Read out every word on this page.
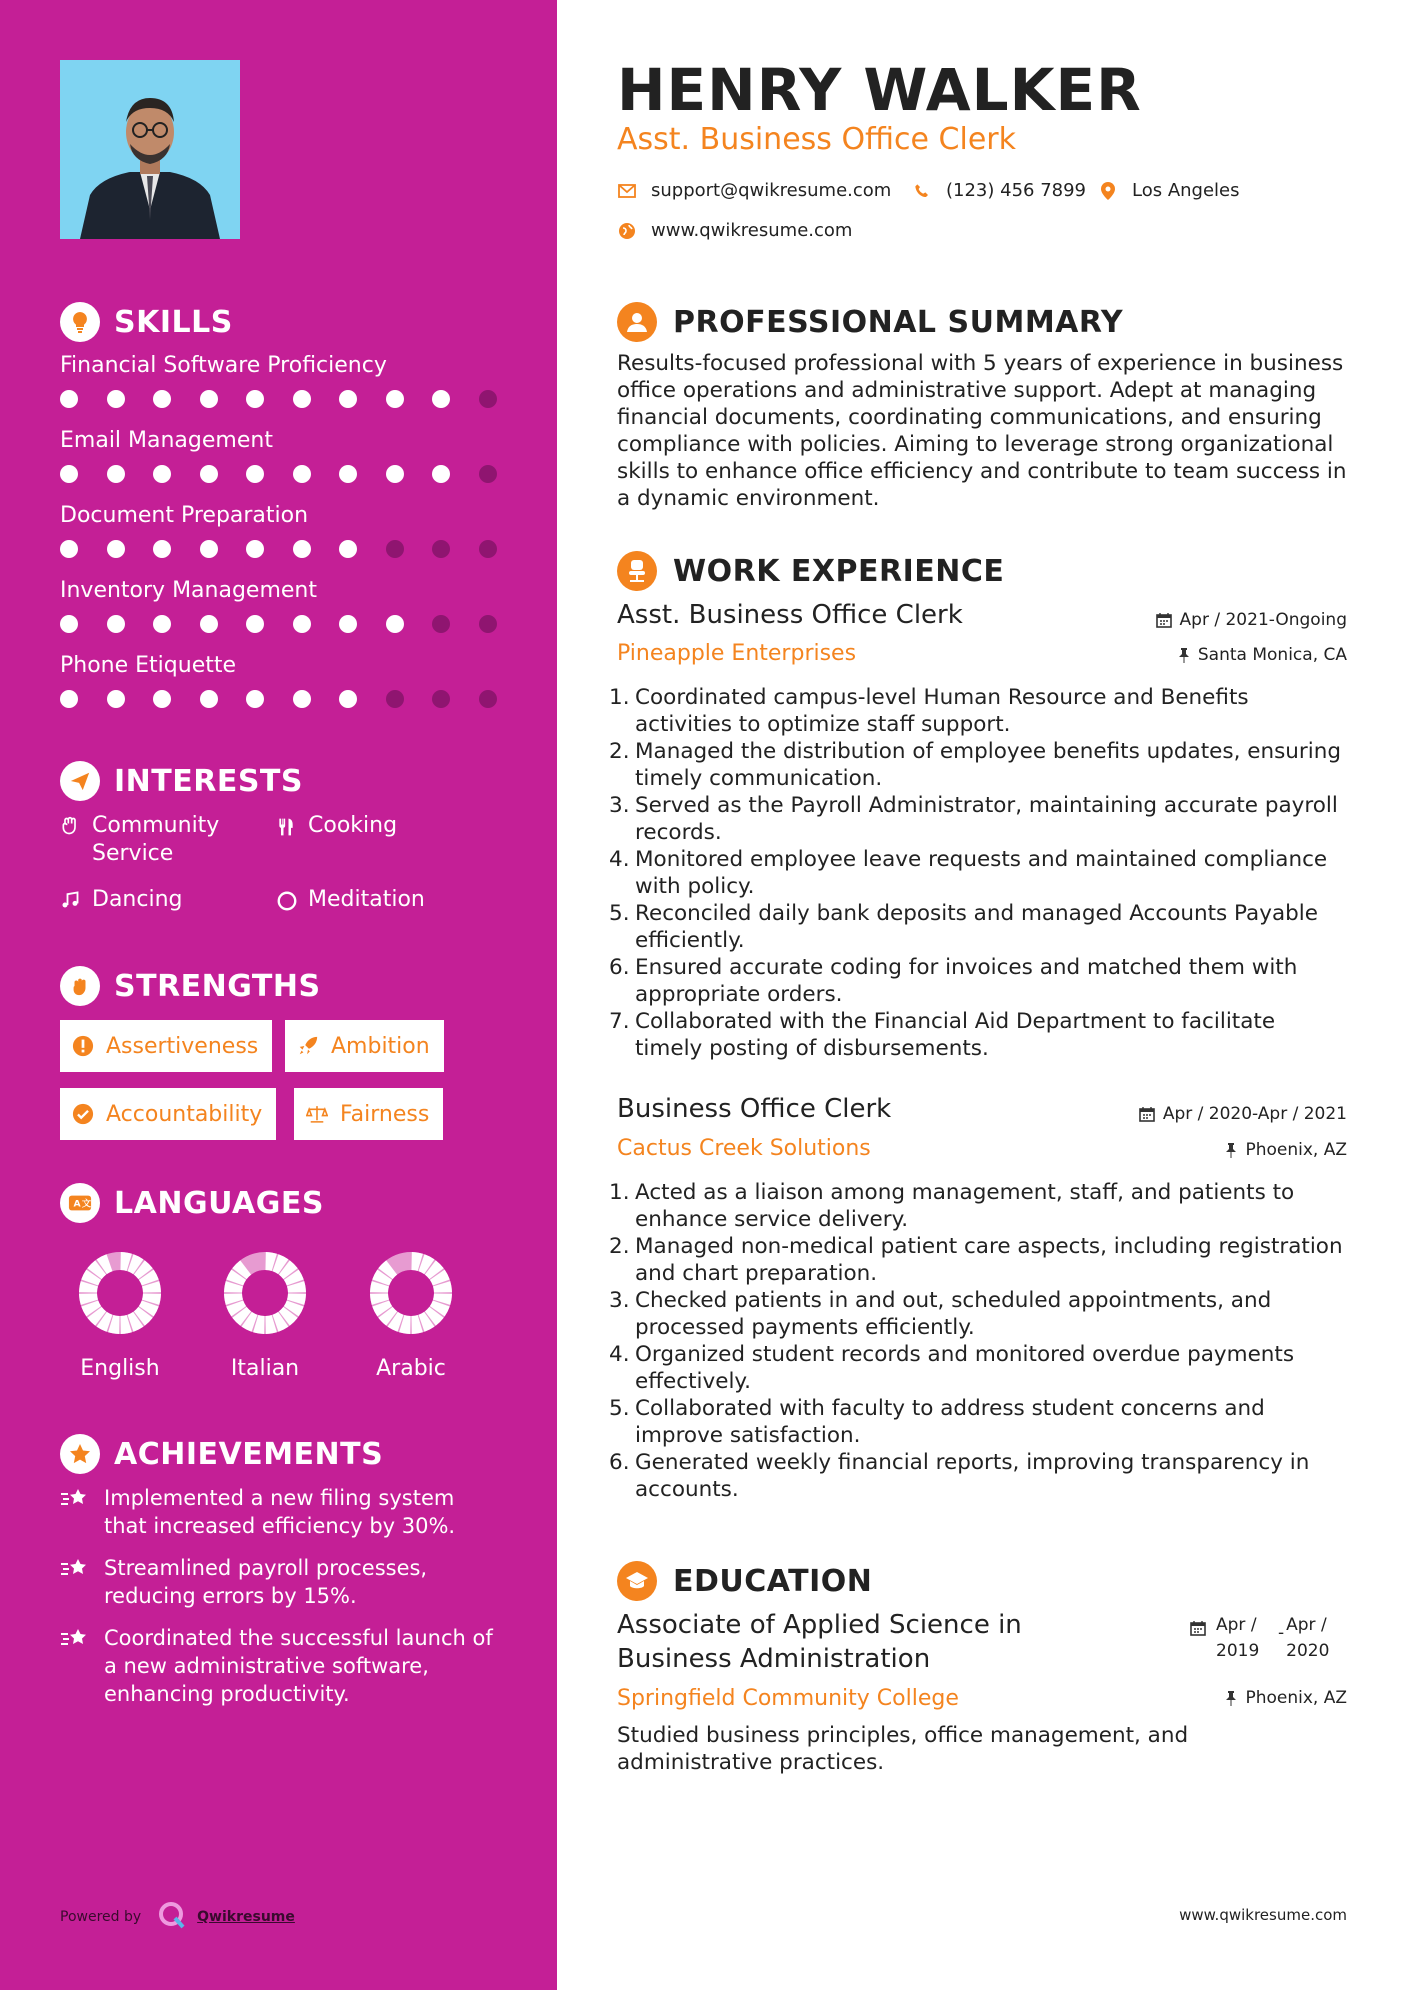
SKILLS
Financial Software Proficiency
Email Management
Document Preparation
Inventory Management
Phone Etiquette
INTERESTS
Community Service
Cooking
Dancing	Meditation
STRENGTHS
Assertiveness	Ambition
Accountability	Fairness
A 文 LANGUAGES
English	Italian	Arabic
ACHIEVEMENTS
Implemented a new filing system that increased efficiency by 30%.
Streamlined payroll processes, reducing errors by 15%.
Coordinated the successful launch of a new administrative software, enhancing productivity.
Powered by	Qwikresume
HENRY WALKER
Asst. Business Office Clerk
support@qwikresume.com	(123) 456 7899	Los Angeles
www.qwikresume.com
PROFESSIONAL SUMMARY
Results-focused professional with 5 years of experience in business office operations and administrative support. Adept at managing financial documents, coordinating communications, and ensuring compliance with policies. Aiming to leverage strong organizational skills to enhance office efficiency and contribute to team success in a dynamic environment.
WORK EXPERIENCE
Asst. Business Office Clerk	Apr / 2021-Ongoing
Pineapple Enterprises	Santa Monica, CA
Coordinated campus-level Human Resource and Benefits activities to optimize staff support.
Managed the distribution of employee benefits updates, ensuring timely communication.
Served as the Payroll Administrator, maintaining accurate payroll records.
Monitored employee leave requests and maintained compliance with policy.
Reconciled daily bank deposits and managed Accounts Payable efficiently.
Ensured accurate coding for invoices and matched them with appropriate orders.
Collaborated with the Financial Aid Department to facilitate timely posting of disbursements.
Business Office Clerk	Apr / 2020-Apr / 2021
Cactus Creek Solutions	Phoenix, AZ
Acted as a liaison among management, staff, and patients to enhance service delivery.
Managed non-medical patient care aspects, including registration and chart preparation.
Checked patients in and out, scheduled appointments, and processed payments efficiently.
Organized student records and monitored overdue payments effectively.
Collaborated with faculty to address student concerns and improve satisfaction.
Generated weekly financial reports, improving transparency in accounts.
EDUCATION
Associate of Applied Science in Business Administration
Apr / 2019
- Apr / 2020
Springfield Community College	Phoenix, AZ
Studied business principles, office management, and administrative practices.
www.qwikresume.com
